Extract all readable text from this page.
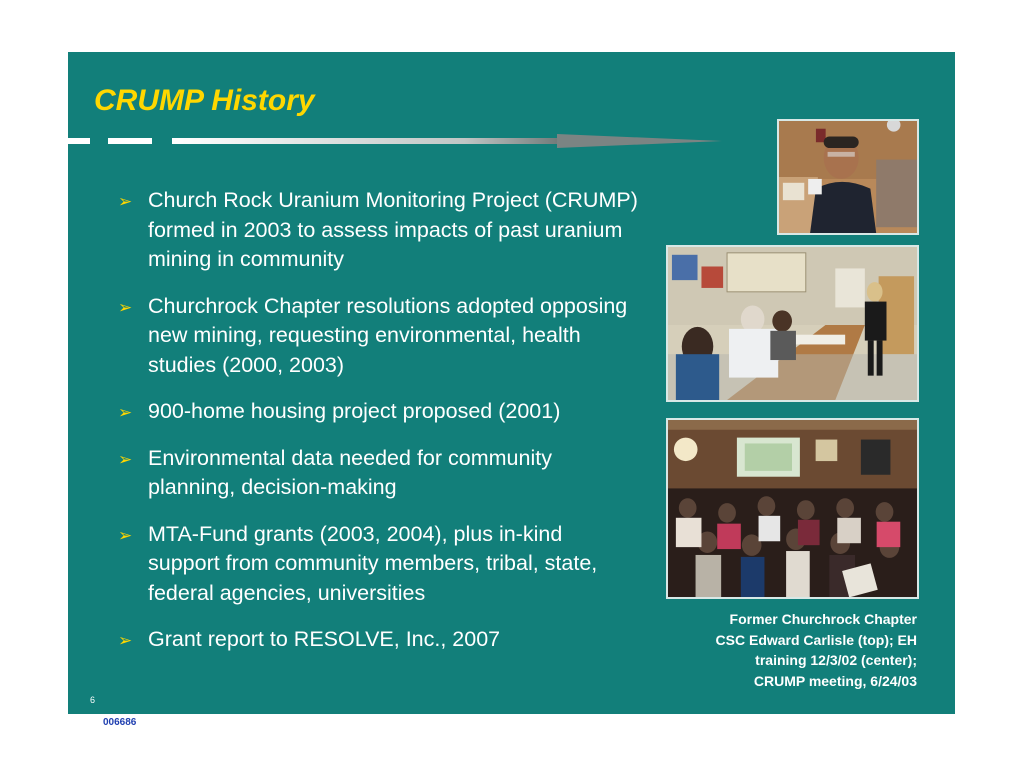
CRUMP History
➢ Church Rock Uranium Monitoring Project (CRUMP) formed in 2003 to assess impacts of past uranium mining in community
➢ Churchrock Chapter resolutions adopted opposing new mining, requesting environmental, health studies (2000, 2003)
➢ 900-home housing project proposed (2001)
➢ Environmental data needed for community planning, decision-making
➢ MTA-Fund grants (2003, 2004), plus in-kind support from community members, tribal, state, federal agencies, universities
➢ Grant report to RESOLVE, Inc., 2007
Former Churchrock Chapter
CSC Edward Carlisle (top); EH
training 12/3/02 (center);
CRUMP meeting, 6/24/03
6
006686
